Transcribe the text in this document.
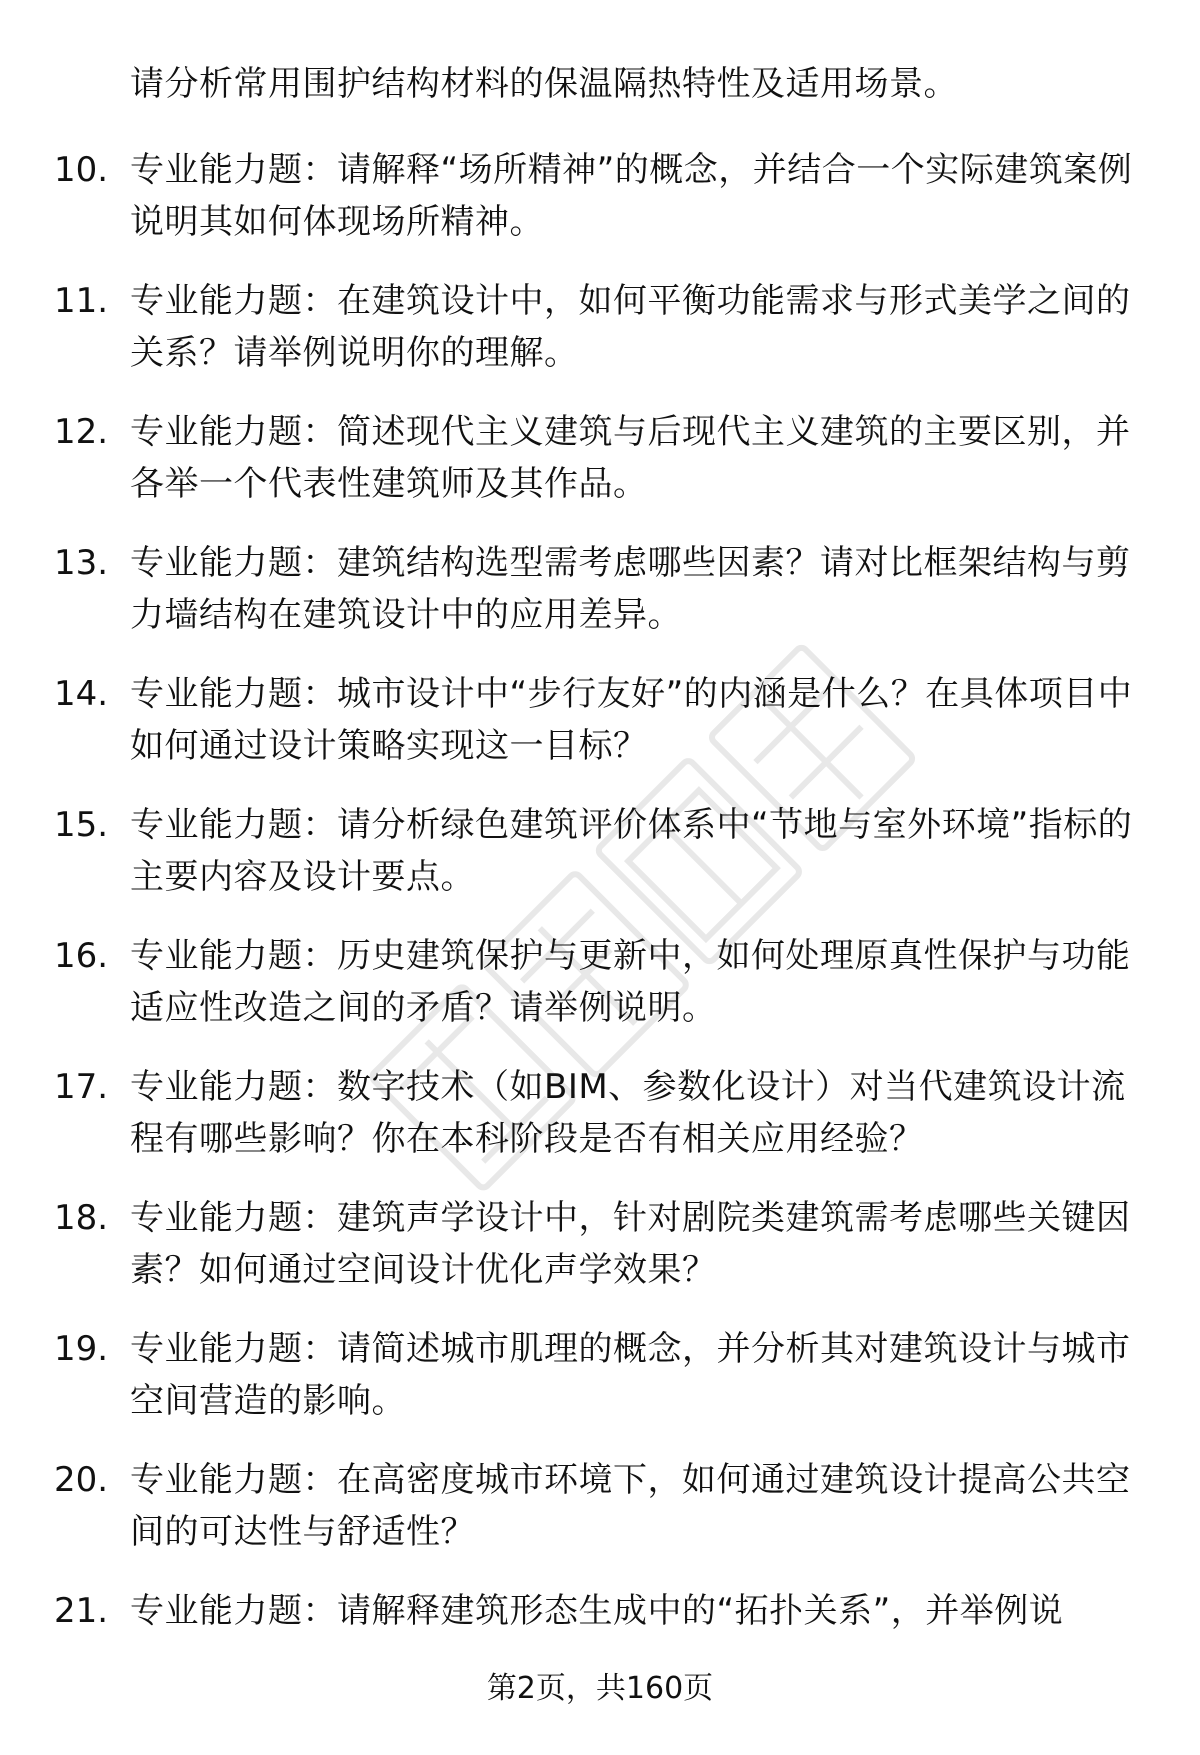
请分析常用围护结构材料的保温隔热特性及适用场景。
10. 专业能力题：请解释“场所精神”的概念，并结合一个实际建筑案例说明其如何体现场所精神。
11. 专业能力题：在建筑设计中，如何平衡功能需求与形式美学之间的关系？请举例说明你的理解。
12. 专业能力题：简述现代主义建筑与后现代主义建筑的主要区别，并各举一个代表性建筑师及其作品。
13. 专业能力题：建筑结构选型需考虑哪些因素？请对比框架结构与剪力墙结构在建筑设计中的应用差异。
14. 专业能力题：城市设计中“步行友好”的内涵是什么？在具体项目中如何通过设计策略实现这一目标？
15. 专业能力题：请分析绿色建筑评价体系中“节地与室外环境”指标的主要内容及设计要点。
16. 专业能力题：历史建筑保护与更新中，如何处理原真性保护与功能适应性改造之间的矛盾？请举例说明。
17. 专业能力题：数字技术（如BIM、参数化设计）对当代建筑设计流程有哪些影响？你在本科阶段是否有相关应用经验？
18. 专业能力题：建筑声学设计中，针对剧院类建筑需考虑哪些关键因素？如何通过空间设计优化声学效果？
19. 专业能力题：请简述城市肌理的概念，并分析其对建筑设计与城市空间营造的影响。
20. 专业能力题：在高密度城市环境下，如何通过建筑设计提高公共空间的可达性与舒适性？
21. 专业能力题：请解释建筑形态生成中的“拓扑关系”，并举例说
第2页，共160页
